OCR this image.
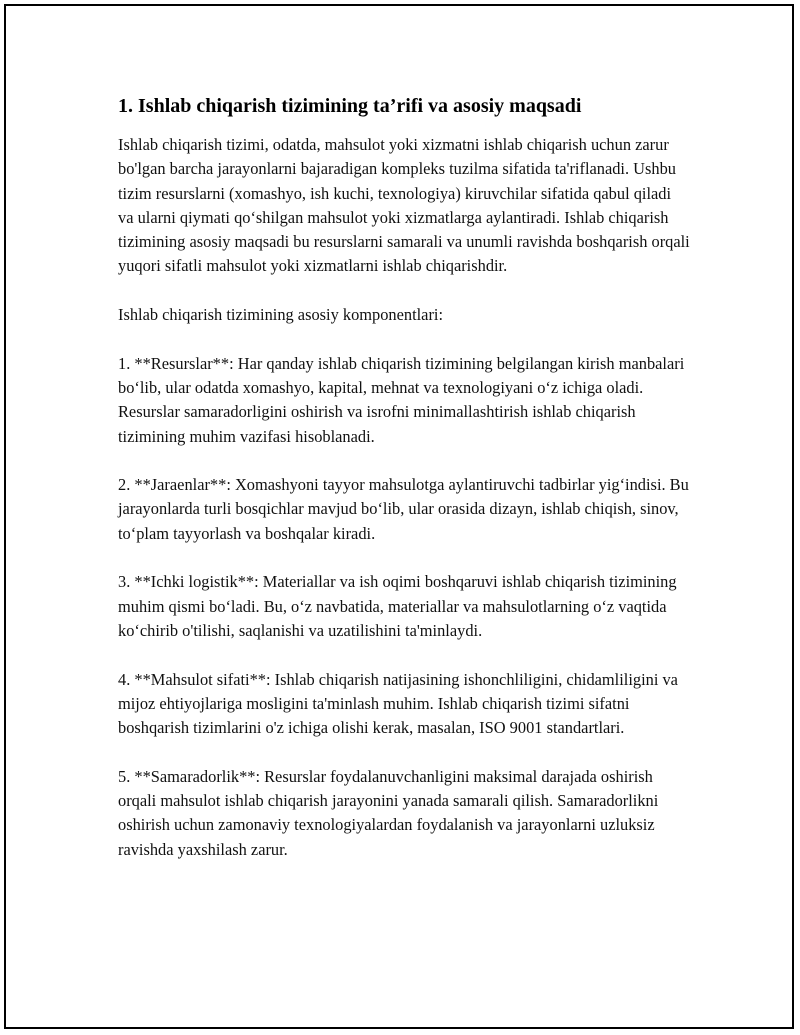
1. Ishlab chiqarish tizimining ta’rifi va asosiy maqsadi

Ishlab chiqarish tizimi, odatda, mahsulot yoki xizmatni ishlab chiqarish uchun zarur bo'lgan barcha jarayonlarni bajaradigan kompleks tuzilma sifatida ta'riflanadi. Ushbu tizim resurslarni (xomashyo, ish kuchi, texnologiya) kiruvchilar sifatida qabul qiladi va ularni qiymati qo‘shilgan mahsulot yoki xizmatlarga aylantiradi. Ishlab chiqarish tizimining asosiy maqsadi bu resurslarni samarali va unumli ravishda boshqarish orqali yuqori sifatli mahsulot yoki xizmatlarni ishlab chiqarishdir.

Ishlab chiqarish tizimining asosiy komponentlari:

1. **Resurslar**: Har qanday ishlab chiqarish tizimining belgilangan kirish manbalari bo‘lib, ular odatda xomashyo, kapital, mehnat va texnologiyani o‘z ichiga oladi. Resurslar samaradorligini oshirish va isrofni minimallashtirish ishlab chiqarish tizimining muhim vazifasi hisoblanadi.

2. **Jaraenlar**: Xomashyoni tayyor mahsulotga aylantiruvchi tadbirlar yig‘indisi. Bu jarayonlarda turli bosqichlar mavjud bo‘lib, ular orasida dizayn, ishlab chiqish, sinov, to‘plam tayyorlash va boshqalar kiradi.

3. **Ichki logistik**: Materiallar va ish oqimi boshqaruvi ishlab chiqarish tizimining muhim qismi bo‘ladi. Bu, o‘z navbatida, materiallar va mahsulotlarning o‘z vaqtida ko‘chirib o'tilishi, saqlanishi va uzatilishini ta'minlaydi.

4. **Mahsulot sifati**: Ishlab chiqarish natijasining ishonchliligini, chidamliligini va mijoz ehtiyojlariga mosligini ta'minlash muhim. Ishlab chiqarish tizimi sifatni boshqarish tizimlarini o'z ichiga olishi kerak, masalan, ISO 9001 standartlari.

5. **Samaradorlik**: Resurslar foydalanuvchanligini maksimal darajada oshirish orqali mahsulot ishlab chiqarish jarayonini yanada samarali qilish. Samaradorlikni oshirish uchun zamonaviy texnologiyalardan foydalanish va jarayonlarni uzluksiz ravishda yaxshilash zarur.
